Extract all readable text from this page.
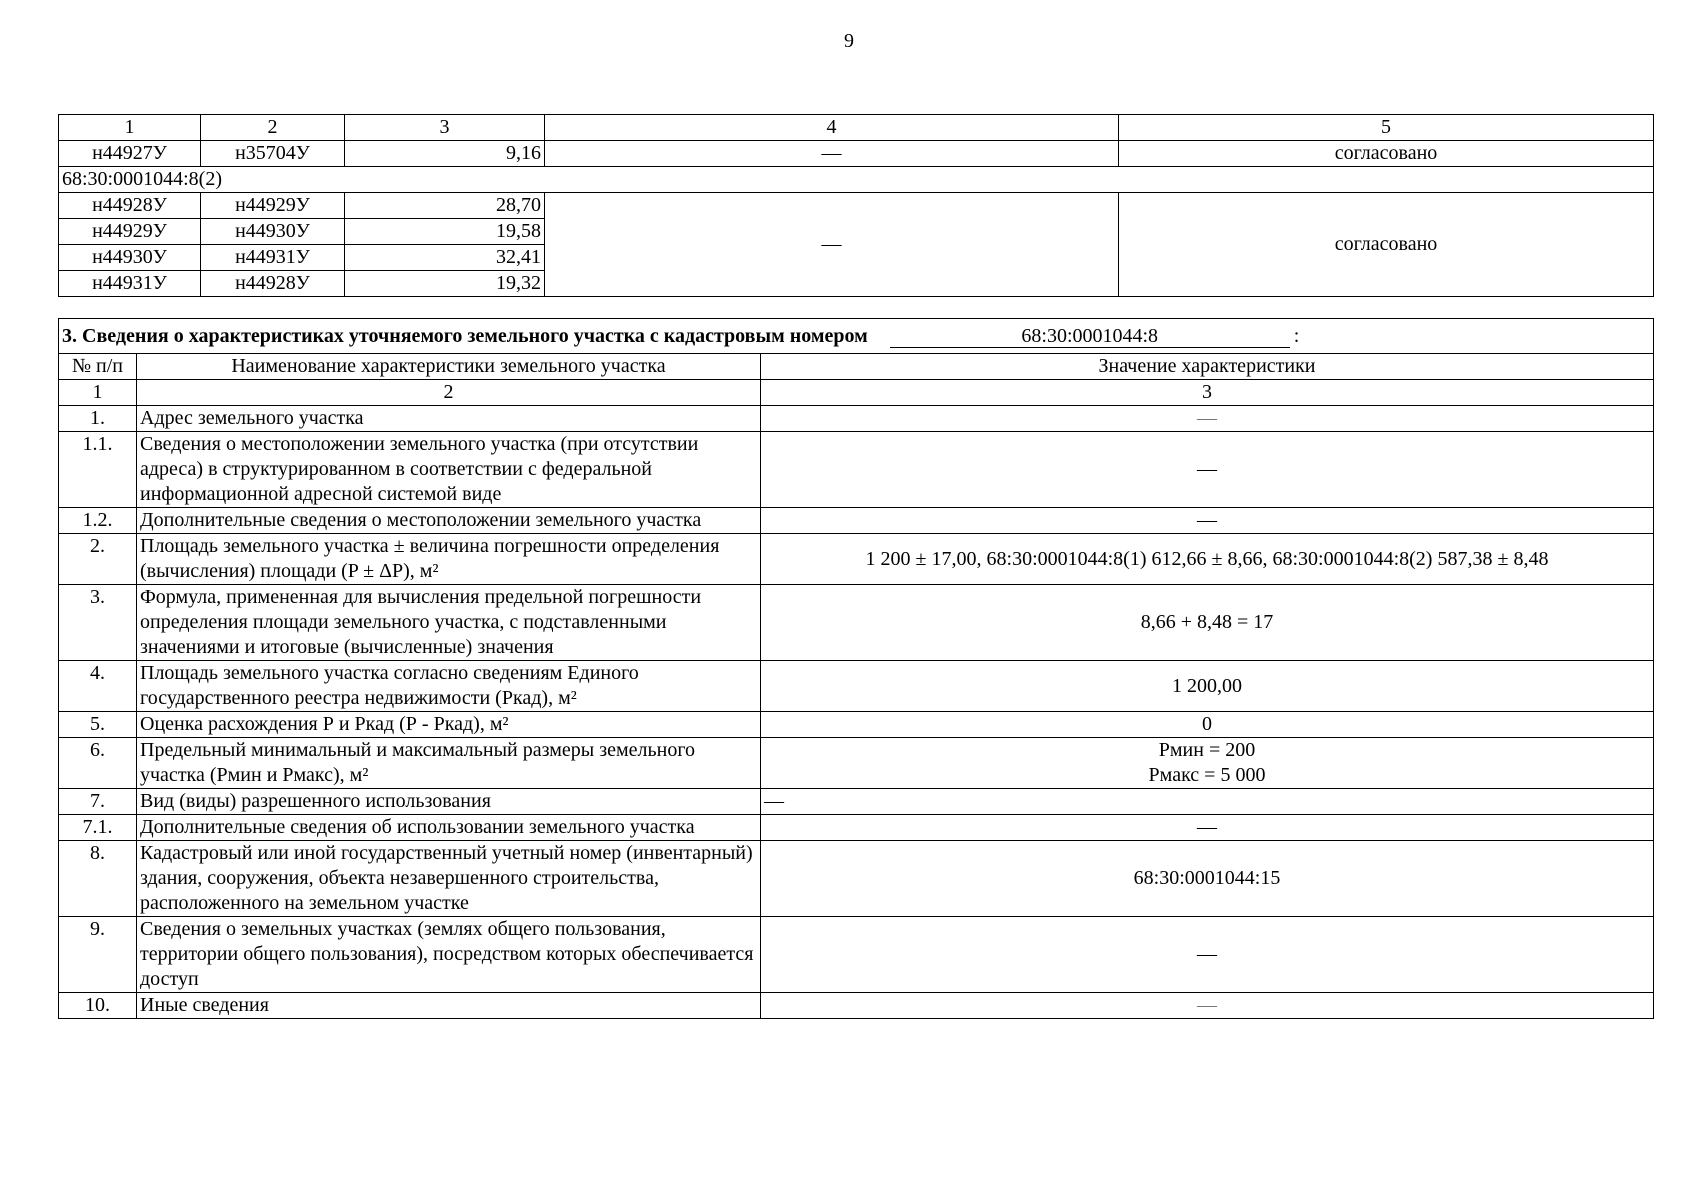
9
1	2	3	4	5
н44927У	н35704У	9,16	—	согласовано
68:30:0001044:8(2)				
н44928У	н44929У	28,70	—	согласовано
н44929У	н44930У	19,58		
н44930У	н44931У	32,41		
н44931У	н44928У	19,32		
3. Сведения о характеристиках уточняемого земельного участка с кадастровым номером 68:30:0001044:8 :		
№ п/п	Наименование характеристики земельного участка	Значение характеристики
1	2	3
1.	Адрес земельного участка	—
1.1.	Сведения о местоположении земельного участка (при отсутствии адреса) в структурированном в соответствии с федеральной информационной адресной системой виде	—
1.2.	Дополнительные сведения о местоположении земельного участка	—
2.	Площадь земельного участка ± величина погрешности определения (вычисления) площади (P ± ΔP), м²	1 200 ± 17,00, 68:30:0001044:8(1) 612,66 ± 8,66, 68:30:0001044:8(2) 587,38 ± 8,48
3.	Формула, примененная для вычисления предельной погрешности определения площади земельного участка, с подставленными значениями и итоговые (вычисленные) значения	8,66 + 8,48 = 17
4.	Площадь земельного участка согласно сведениям Единого государственного реестра недвижимости (Ркад), м²	1 200,00
5.	Оценка расхождения Р и Ркад (Р - Ркад), м²	0
6.	Предельный минимальный и максимальный размеры земельного участка (Рмин и Рмакс), м²	Рмин = 200
Рмакс = 5 000

7.	Вид (виды) разрешенного использования	—
7.1.	Дополнительные сведения об использовании земельного участка	—
8.	Кадастровый или иной государственный учетный номер (инвентарный) здания, сооружения, объекта незавершенного строительства, расположенного на земельном участке	68:30:0001044:15
9.	Сведения о земельных участках (землях общего пользования, территории общего пользования), посредством которых обеспечивается доступ	—
10.	Иные сведения	—
